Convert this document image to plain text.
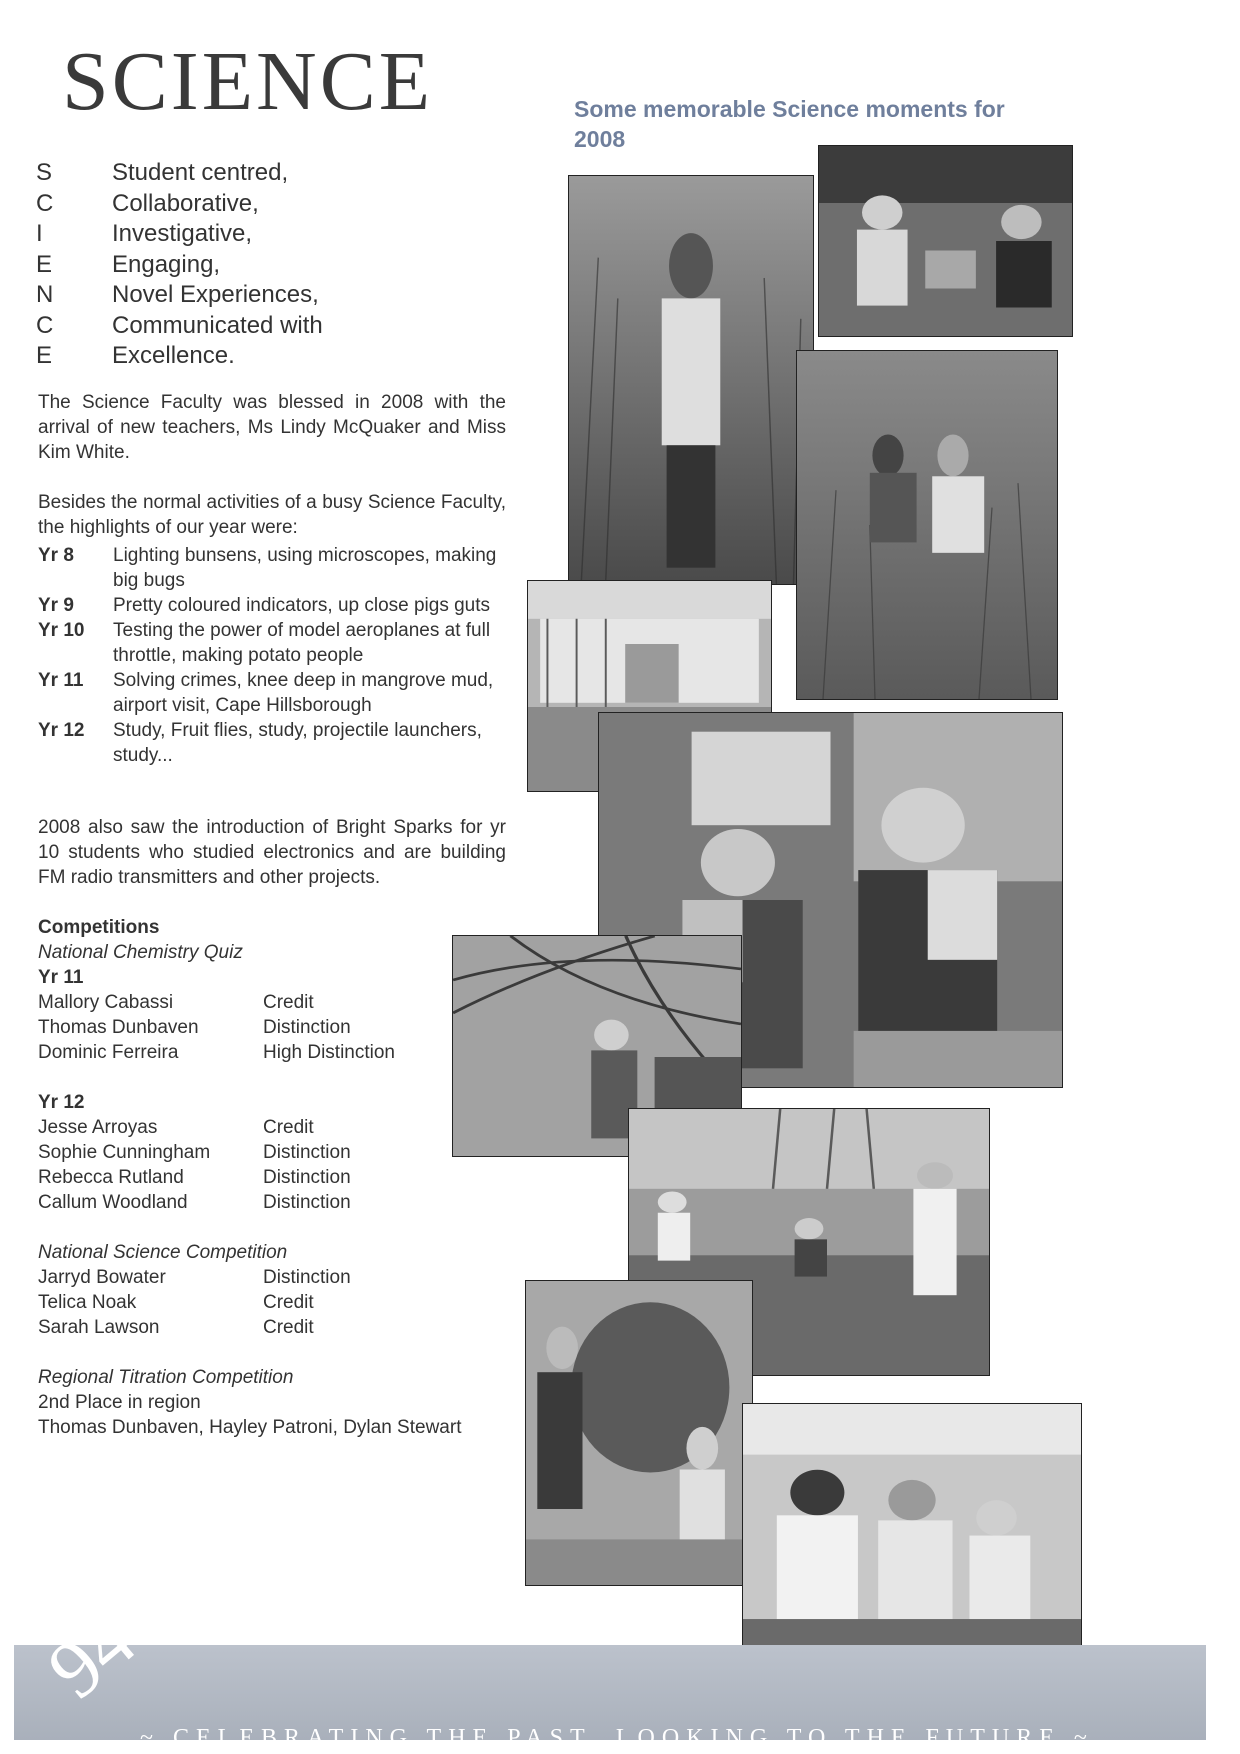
SCIENCE
S	Student centred,
C	Collaborative,
I	Investigative,
E	Engaging,
N	Novel Experiences,
C	Communicated with
E	Excellence.

The Science Faculty was blessed in 2008 with the arrival of new teachers, Ms Lindy McQuaker and Miss Kim White.

Besides the normal activities of a busy Science Faculty, the highlights of our year were:

Yr 8	Lighting bunsens, using microscopes, making big bugs
Yr 9	Pretty coloured indicators, up close pigs guts
Yr 10	Testing the power of model aeroplanes at full throttle, making potato people
Yr 11	Solving crimes, knee deep in mangrove mud, airport visit, Cape Hillsborough
Yr 12	Study, Fruit flies, study, projectile launchers, study...

2008 also saw the introduction of Bright Sparks for yr 10 students who studied electronics and are building FM radio transmitters and other projects.

Competitions
National Chemistry Quiz
Yr 11
Mallory Cabassi	Credit
Thomas Dunbaven	Distinction
Dominic Ferreira	High Distinction
Yr 12
Jesse Arroyas	Credit
Sophie Cunningham	Distinction
Rebecca Rutland	Distinction
Callum Woodland	Distinction
National Science Competition
Jarryd Bowater	Distinction
Telica Noak	Credit
Sarah Lawson	Credit
Regional Titration Competition
2nd Place in region
Thomas Dunbaven, Hayley Patroni, Dylan Stewart
Some memorable Science moments for 2008
94
~ CELEBRATING THE PAST, LOOKING TO THE FUTURE ~
